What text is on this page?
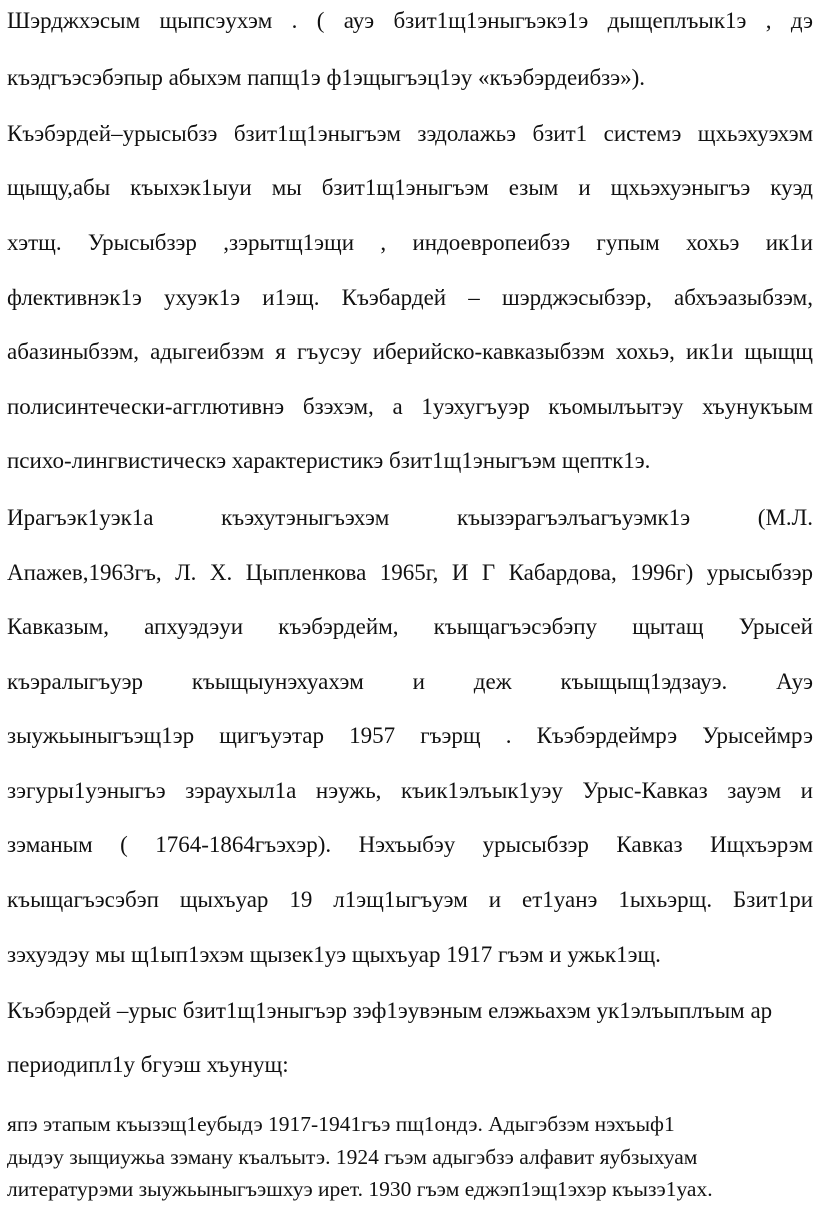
Шэрджхэсым щыпсэухэм . ( ауэ бзит1щ1эныгъэкэ1э дыщеплъык1э , дэ
къэдгъэсэбэпыр абыхэм папщ1э ф1эщыгъэц1эу «къэбэрдеибзэ»).
Къэбэрдей–урысыбзэ бзит1щ1эныгъэм зэдолажьэ бзит1 системэ щхьэхуэхэм
щыщу,абы къыхэк1ыуи мы бзит1щ1эныгъэм езым и щхьэхуэныгъэ куэд
хэтщ. Урысыбзэр ,зэрытщ1эщи , индоевропеибзэ гупым хохьэ ик1и
флективнэк1э ухуэк1э и1эщ. Къэбардей – шэрджэсыбзэр, абхъэазыбзэм,
абазиныбзэм, адыгеибзэм я гъусэу иберийско-кавказыбзэм хохьэ, ик1и щыщщ
полисинтечески-агглютивнэ бзэхэм, а 1уэхугъуэр къомылъытэу хъунукъым
психо-лингвистическэ характеристикэ бзит1щ1эныгъэм щептк1э.
Ирагъэк1уэк1а къэхутэныгъэхэм къызэрагъэлъагъуэмк1э (М.Л.
Апажев,1963гъ, Л. Х. Цыпленкова 1965г, И Г Кабардова, 1996г) урысыбзэр
Кавказым, апхуэдэуи къэбэрдейм, къыщагъэсэбэпу щытащ Урысей
къэралыгъуэр къыщыунэхуахэм и деж къыщыщ1эдзауэ. Ауэ
зыужьыныгъэщ1эр щигъуэтар 1957 гъэрщ . Къэбэрдеймрэ Урысеймрэ
зэгуры1уэныгъэ зэраухыл1а нэужь, къик1элъык1уэу Урыс-Кавказ зауэм и
зэманым ( 1764-1864гъэхэр). Нэхъыбэу урысыбзэр Кавказ Ищхъэрэм
къыщагъэсэбэп щыхъуар 19 л1эщ1ыгъуэм и ет1уанэ 1ыхьэрщ. Бзит1ри
зэхуэдэу мы щ1ып1эхэм щызек1уэ щыхъуар 1917 гъэм и ужьк1эщ.
Къэбэрдей –урыс бзит1щ1эныгъэр зэф1эувэным елэжьахэм ук1элъыплъым ар
периодипл1у бгуэш хъунущ:
япэ этапым къызэщ1еубыдэ 1917-1941гъэ пщ1ондэ. Адыгэбзэм нэхъыф1
дыдэу зыщиужьа зэману къалъытэ. 1924 гъэм адыгэбзэ алфавит яубзыхуам
литературэми зыужьыныгъэшхуэ ирет. 1930 гъэм еджэп1эщ1эхэр къызэ1уах.
